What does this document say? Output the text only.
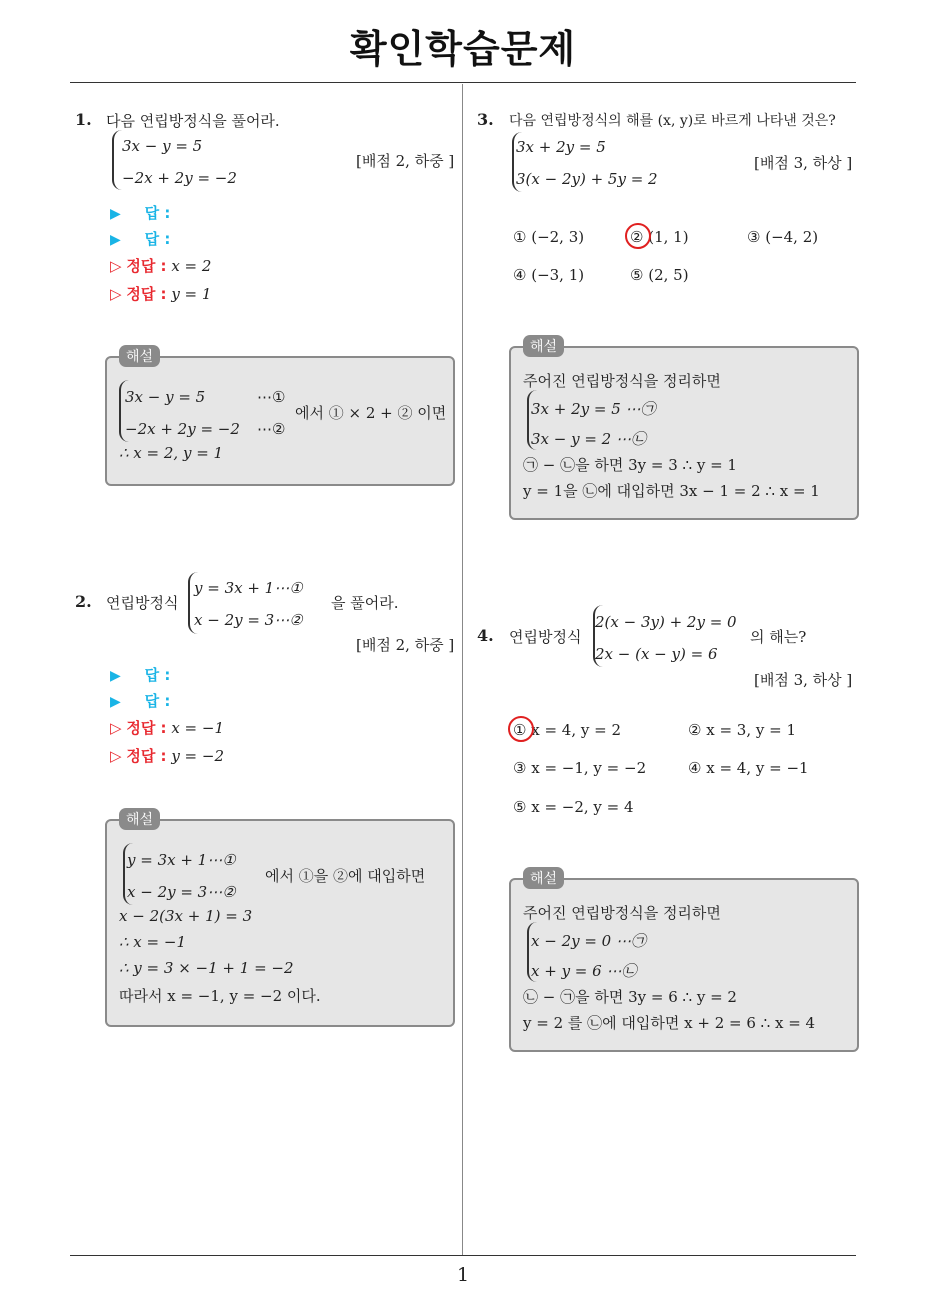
확인학습문제
1. 다음 연립방정식을 풀어라.
3x − y = 5
−2x + 2y = −2
[배점 2, 하중 ]
▶ 답 :
▶ 답 :
▷ 정답 : x = 2
▷ 정답 : y = 1
3x − y = 5	⋯①
−2x + 2y = −2 ⋯②
에서 ① × 2 + ② 이면
∴ x = 2, y = 1
해설
2. 연립방정식
y = 3x + 1⋯①
x − 2y = 3⋯②
을 풀어라.
[배점 2, 하중 ]
▶ 답 :
▶ 답 :
▷ 정답 : x = −1
▷ 정답 : y = −2
y = 3x + 1⋯①
x − 2y = 3⋯②
에서 ①을 ②에 대입하면
x − 2(3x + 1) = 3
∴ x = −1
∴ y = 3 × −1 + 1 = −2
따라서 x = −1, y = −2 이다.
해설
3. 다음 연립방정식의 해를 (x, y)로 바르게 나타낸 것은?
3x + 2y = 5
3(x − 2y) + 5y = 2
[배점 3, 하상 ]
① (−2, 3)	② (1, 1)	③ (−4, 2)
④ (−3, 1)	⑤ (2, 5)
주어진 연립방정식을 정리하면
3x + 2y = 5 ⋯㉠
3x − y = 2 ⋯㉡
㉠ − ㉡을 하면 3y = 3 ∴ y = 1
y = 1을 ㉡에 대입하면 3x − 1 = 2 ∴ x = 1
해설
4. 연립방정식
2(x − 3y) + 2y = 0
2x − (x − y) = 6
의 해는?
[배점 3, 하상 ]
① x = 4, y = 2	② x = 3, y = 1
③ x = −1, y = −2	④ x = 4, y = −1
⑤ x = −2, y = 4
주어진 연립방정식을 정리하면
x − 2y = 0 ⋯㉠
x + y = 6 ⋯㉡
㉡ − ㉠을 하면 3y = 6 ∴ y = 2
y = 2 를 ㉡에 대입하면 x + 2 = 6 ∴ x = 4
해설
1
